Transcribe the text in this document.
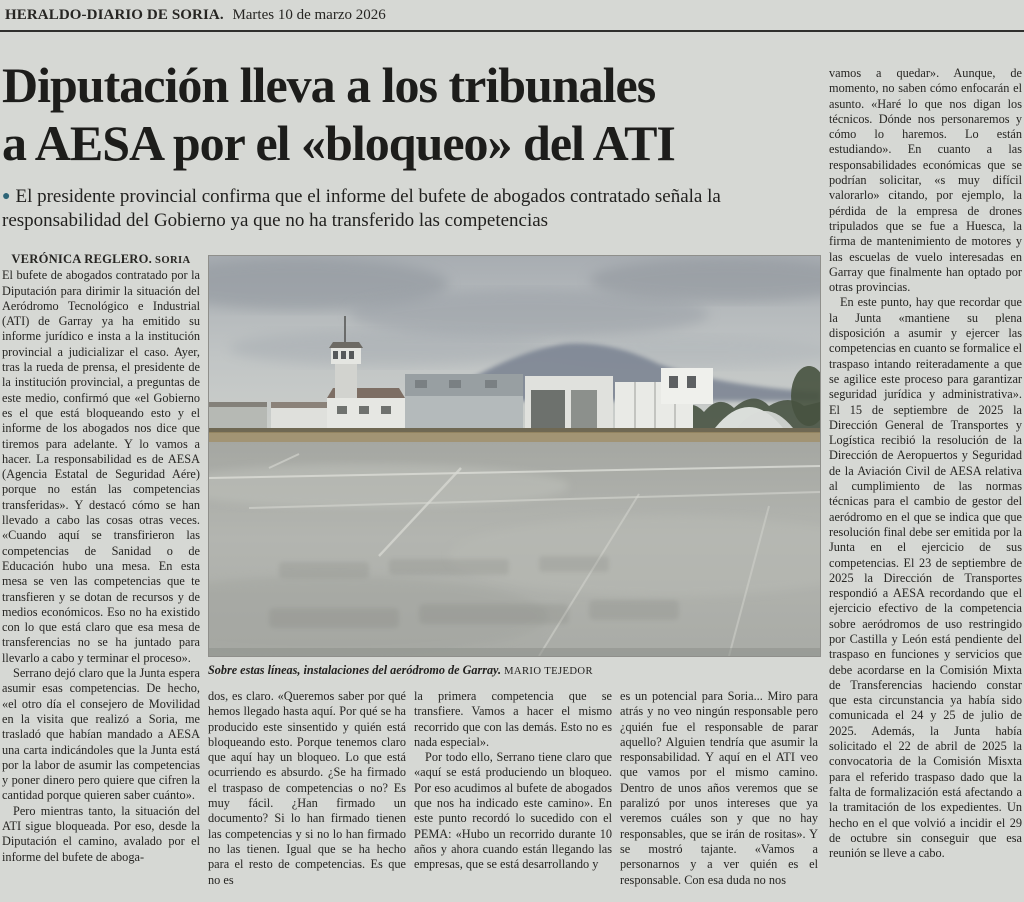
HERALDO-DIARIO DE SORIA. Martes 10 de marzo 2026
Diputación lleva a los tribunales
a AESA por el «bloqueo» del ATI
● El presidente provincial confirma que el informe del bufete de abogados contratado señala la responsabilidad del Gobierno ya que no ha transferido las competencias

VERÓNICA REGLERO. SORIA

El bufete de abogados contratado por la Diputación para dirimir la situación del Aeródromo Tecnológico e Industrial (ATI) de Garray ya ha emitido su informe jurídico e insta a la institución provincial a judicializar el caso. Ayer, tras la rueda de prensa, el presidente de la institución provincial, a preguntas de este medio, confirmó que «el Gobierno es el que está bloqueando esto y el informe de los abogados nos dice que tiremos para adelante. Y lo vamos a hacer. La responsabilidad es de AESA (Agencia Estatal de Seguridad Aére) porque no están las competencias transferidas». Y destacó cómo se han llevado a cabo las cosas otras veces. «Cuando aquí se transfirieron las competencias de Sanidad o de Educación hubo una mesa. En esta mesa se ven las competencias que te transfieren y se dotan de recursos y de medios económicos. Eso no ha existido con lo que está claro que esa mesa de transferencias no se ha juntado para llevarlo a cabo y terminar el proceso».

Serrano dejó claro que la Junta espera asumir esas competencias. De hecho, «el otro día el consejero de Movilidad en la visita que realizó a Soria, me trasladó que habían mandado a AESA una carta indicándoles que la Junta está por la labor de asumir las competencias y poner dinero pero quiere que cifren la cantidad porque quieren saber cuánto».

Pero mientras tanto, la situación del ATI sigue bloqueada. Por eso, desde la Diputación el camino, avalado por el informe del bufete de aboga-

Sobre estas líneas, instalaciones del aeródromo de Garray. MARIO TEJEDOR

dos, es claro. «Queremos saber por qué hemos llegado hasta aquí. Por qué se ha producido este sinsentido y quién está bloqueando esto. Porque tenemos claro que aquí hay un bloqueo. Lo que está ocurriendo es absurdo. ¿Se ha firmado el traspaso de competencias o no? Es muy fácil. ¿Han firmado un documento? Si lo han firmado tienen las competencias y si no lo han firmado no las tienen. Igual que se ha hecho para el resto de competencias. Es que no es

la primera competencia que se transfiere. Vamos a hacer el mismo recorrido que con las demás. Esto no es nada especial».

Por todo ello, Serrano tiene claro que «aquí se está produciendo un bloqueo. Por eso acudimos al bufete de abogados que nos ha indicado este camino». En este punto recordó lo sucedido con el PEMA: «Hubo un recorrido durante 10 años y ahora cuando están llegando las empresas, que se está desarrollando y

es un potencial para Soria... Miro para atrás y no veo ningún responsable pero ¿quién fue el responsable de parar aquello? Alguien tendría que asumir la responsabilidad. Y aquí en el ATI veo que vamos por el mismo camino. Dentro de unos años veremos que se paralizó por unos intereses que ya veremos cuáles son y que no hay responsables, que se irán de rositas». Y se mostró tajante. «Vamos a personarnos y a ver quién es el responsable. Con esa duda no nos

vamos a quedar». Aunque, de momento, no saben cómo enfocarán el asunto. «Haré lo que nos digan los técnicos. Dónde nos personaremos y cómo lo haremos. Lo están estudiando». En cuanto a las responsabilidades económicas que se podrían solicitar, «s muy difícil valorarlo» citando, por ejemplo, la pérdida de la empresa de drones tripulados que se fue a Huesca, la firma de mantenimiento de motores y las escuelas de vuelo interesadas en Garray que finalmente han optado por otras provincias.

En este punto, hay que recordar que la Junta «mantiene su plena disposición a asumir y ejercer las competencias en cuanto se formalice el traspaso intando reiteradamente a que se agilice este proceso para garantizar seguridad jurídica y administrativa». El 15 de septiembre de 2025 la Dirección General de Transportes y Logística recibió la resolución de la Dirección de Aeropuertos y Seguridad de la Aviación Civil de AESA relativa al cumplimiento de las normas técnicas para el cambio de gestor del aeródromo en el que se indica que que resolución final debe ser emitida por la Junta en el ejercicio de sus competencias. El 23 de septiembre de 2025 la Dirección de Transportes respondió a AESA recordando que el ejercicio efectivo de la competencia sobre aeródromos de uso restringido por Castilla y León está pendiente del traspaso en funciones y servicios que debe acordarse en la Comisión Mixta de Transferencias haciendo constar que esta circunstancia ya había sido comunicada el 24 y 25 de julio de 2025. Además, la Junta había solicitado el 22 de abril de 2025 la convocatoria de la Comisión Misxta para el referido traspaso dado que la falta de formalización está afectando a la tramitación de los expedientes. Un hecho en el que volvió a incidir el 29 de octubre sin conseguir que esa reunión se lleve a cabo.
